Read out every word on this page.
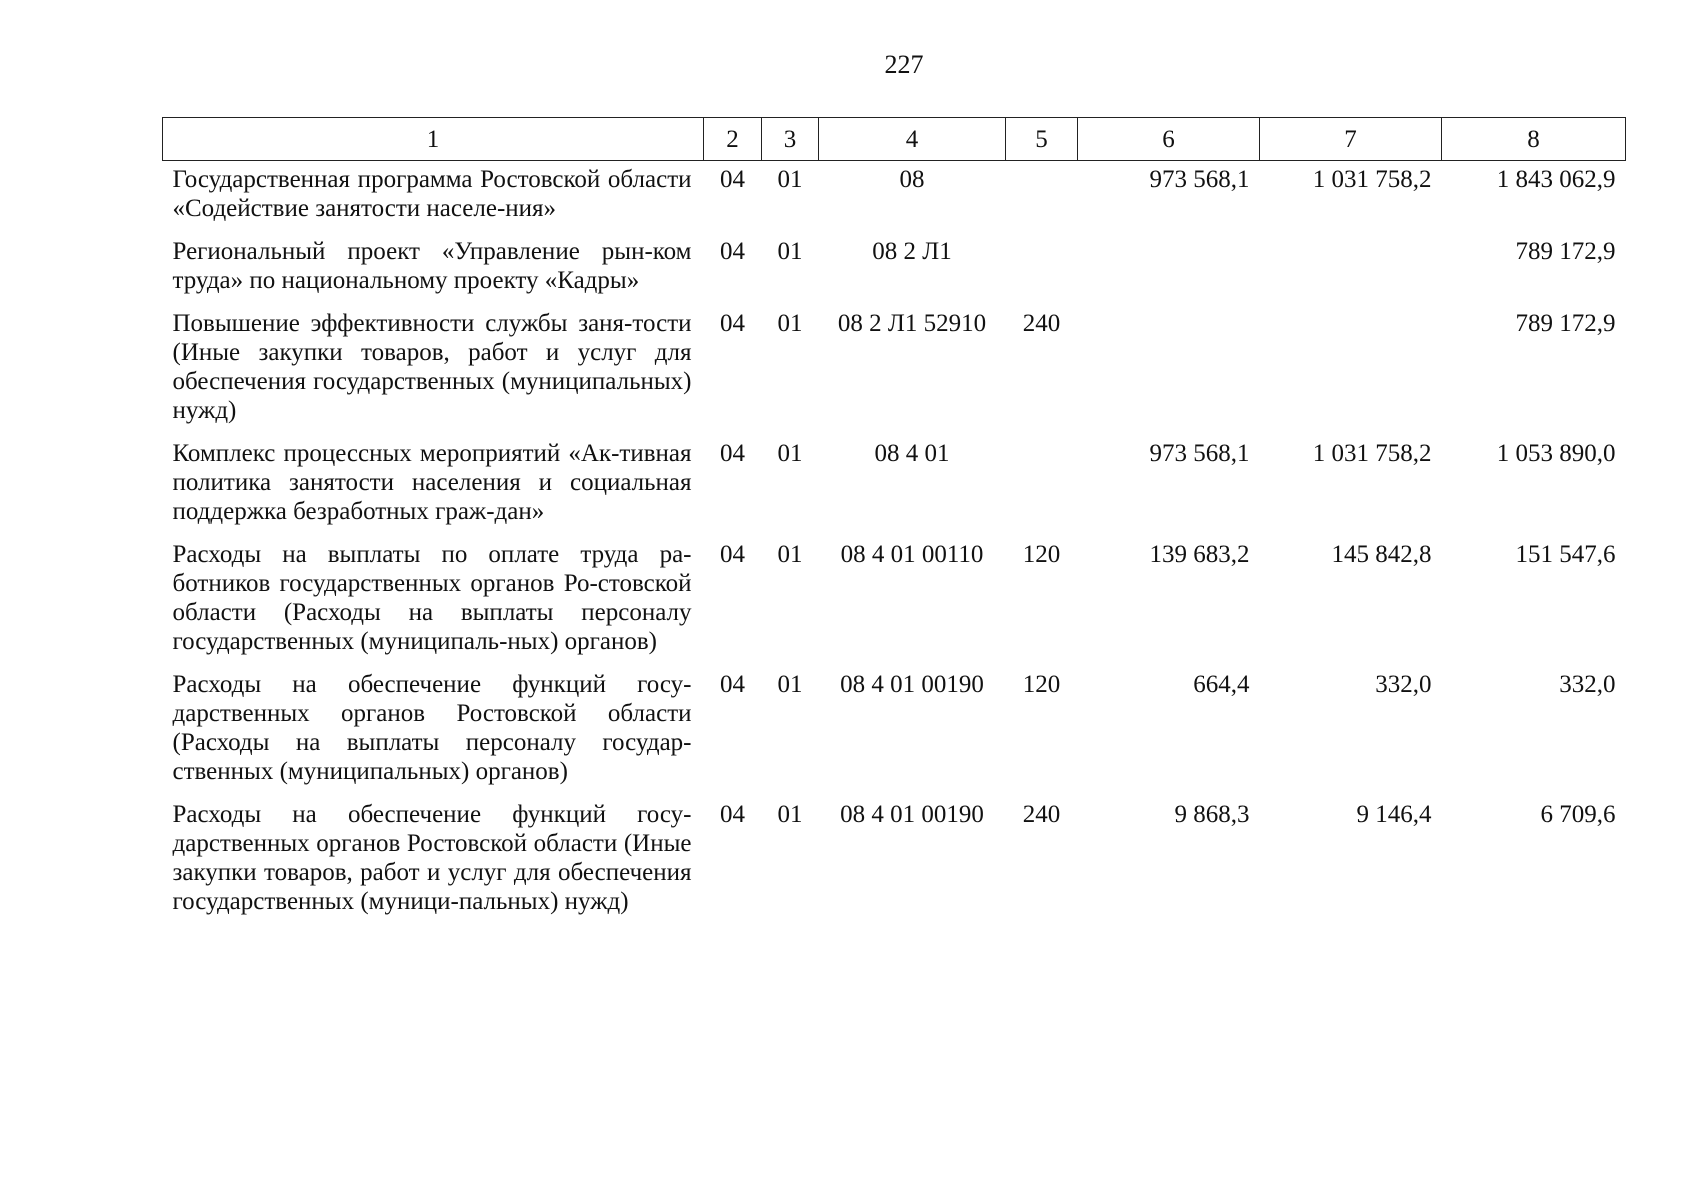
227
1	2	3	4	5	6	7	8
Государственная программа Ростовской области «Содействие занятости населе-ния»	04	01	08		973 568,1	1 031 758,2	1 843 062,9
Региональный проект «Управление рын-ком труда» по национальному проекту «Кадры»	04	01	08 2 Л1				789 172,9
Повышение эффективности службы заня-тости (Иные закупки товаров, работ и услуг для обеспечения государственных (муниципальных) нужд)	04	01	08 2 Л1 52910	240			789 172,9
Комплекс процессных мероприятий «Ак-тивная политика занятости населения и социальная поддержка безработных граж-дан»	04	01	08 4 01		973 568,1	1 031 758,2	1 053 890,0
Расходы на выплаты по оплате труда ра-ботников государственных органов Ро-стовской области (Расходы на выплаты персоналу государственных (муниципаль-ных) органов)	04	01	08 4 01 00110	120	139 683,2	145 842,8	151 547,6
Расходы на обеспечение функций госу-дарственных органов Ростовской области (Расходы на выплаты персоналу государ-ственных (муниципальных) органов)	04	01	08 4 01 00190	120	664,4	332,0	332,0
Расходы на обеспечение функций госу-дарственных органов Ростовской области (Иные закупки товаров, работ и услуг для обеспечения государственных (муници-пальных) нужд)	04	01	08 4 01 00190	240	9 868,3	9 146,4	6 709,6
